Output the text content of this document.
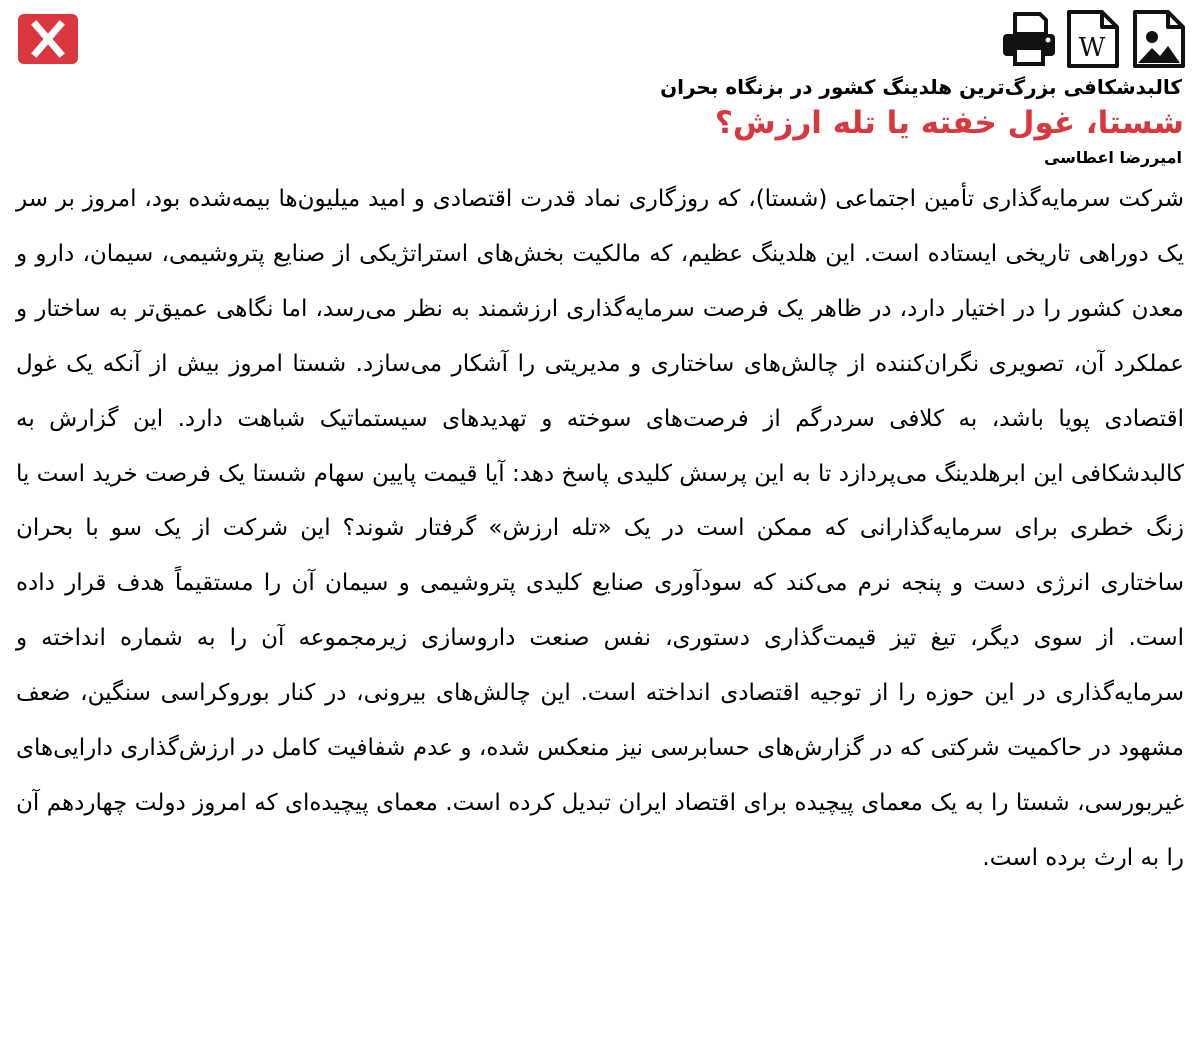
W

کالبدشکافی بزرگ‌ترین هلدینگ کشور در بزنگاه بحران

شستا، غول خفته یا تله ارزش؟

امیررضا اعطاسی

شرکت سرمایه‌گذاری تأمین اجتماعی (شستا)، که روزگاری نماد قدرت اقتصادی و امید میلیون‌ها بیمه‌شده بود، امروز بر سر یک دوراهی تاریخی ایستاده است. این هلدینگ عظیم، که مالکیت بخش‌های استراتژیکی از صنایع پتروشیمی، سیمان، دارو و معدن کشور را در اختیار دارد، در ظاهر یک فرصت سرمایه‌گذاری ارزشمند به نظر می‌رسد، اما نگاهی عمیق‌تر به ساختار و عملکرد آن، تصویری نگران‌کننده از چالش‌های ساختاری و مدیریتی را آشکار می‌سازد. شستا امروز بیش از آنکه یک غول اقتصادی پویا باشد، به کلافی سردرگم از فرصت‌های سوخته و تهدیدهای سیستماتیک شباهت دارد. این گزارش به کالبدشکافی این ابرهلدینگ می‌پردازد تا به این پرسش کلیدی پاسخ دهد: آیا قیمت پایین سهام شستا یک فرصت خرید است یا زنگ خطری برای سرمایه‌گذارانی که ممکن است در یک «تله ارزش» گرفتار شوند؟ این شرکت از یک سو با بحران ساختاری انرژی دست و پنجه نرم می‌کند که سودآوری صنایع کلیدی پتروشیمی و سیمان آن را مستقیماً هدف قرار داده است. از سوی دیگر، تیغ تیز قیمت‌گذاری دستوری، نفس صنعت داروسازی زیرمجموعه آن را به شماره انداخته و سرمایه‌گذاری در این حوزه را از توجیه اقتصادی انداخته است. این چالش‌های بیرونی، در کنار بوروکراسی سنگین، ضعف مشهود در حاکمیت شرکتی که در گزارش‌های حسابرسی نیز منعکس شده، و عدم شفافیت کامل در ارزش‌گذاری دارایی‌های غیربورسی، شستا را به یک معمای پیچیده برای اقتصاد ایران تبدیل کرده است. معمای پیچیده‌ای که امروز دولت چهاردهم آن را به ارث برده است.
